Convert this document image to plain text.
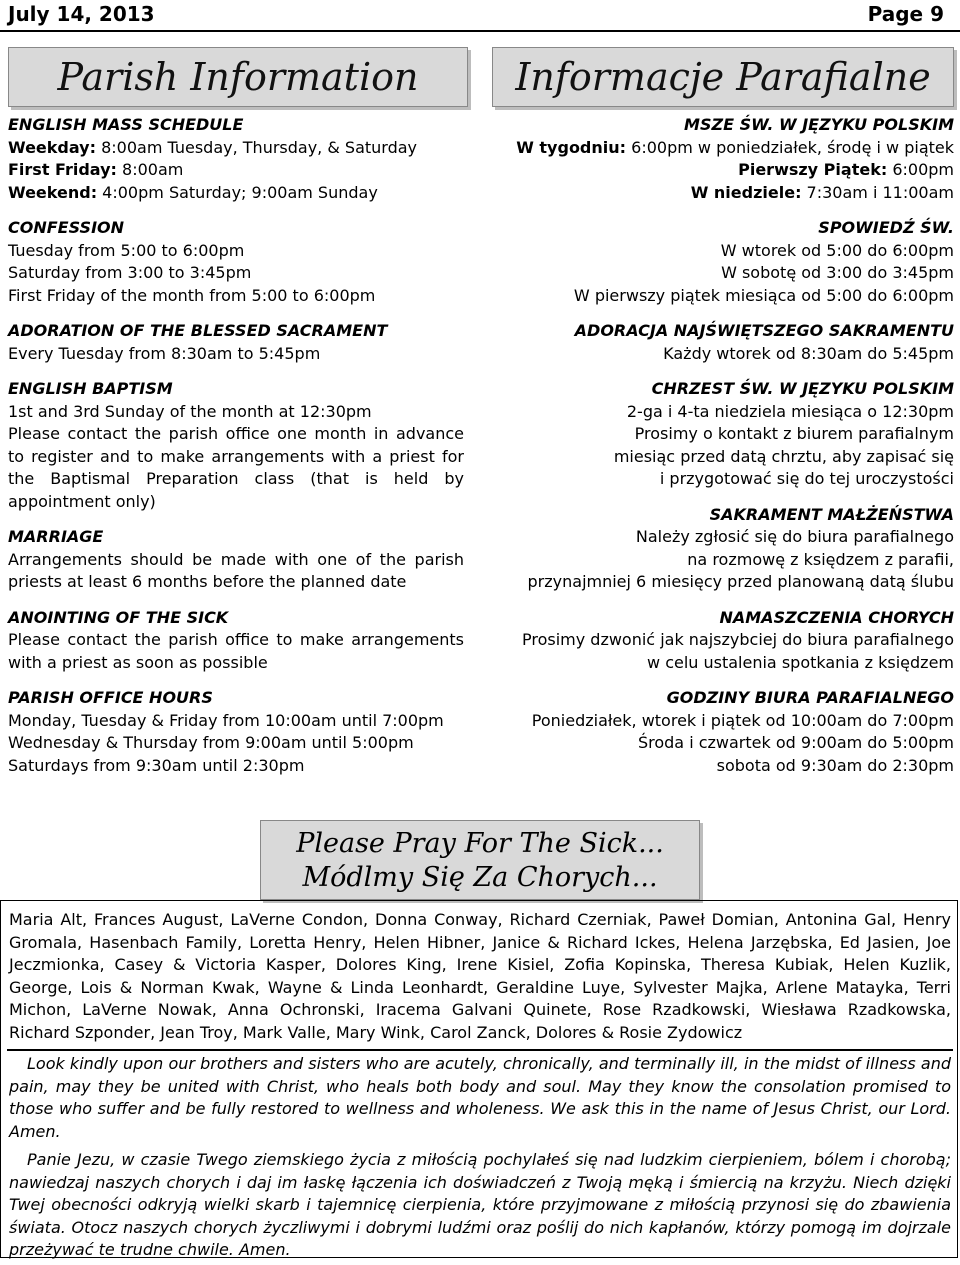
July 14, 2013	Page 9
Parish Information	Informacje Parafialne
ENGLISH MASS SCHEDULE
Weekday: 8:00am Tuesday, Thursday, & Saturday
First Friday: 8:00am
Weekend: 4:00pm Saturday; 9:00am Sunday
CONFESSION
Tuesday from 5:00 to 6:00pm
Saturday from 3:00 to 3:45pm
First Friday of the month from 5:00 to 6:00pm
ADORATION OF THE BLESSED SACRAMENT
Every Tuesday from 8:30am to 5:45pm
ENGLISH BAPTISM
1st and 3rd Sunday of the month at 12:30pm
Please contact the parish office one month in advance to register and to make arrangements with a priest for the Baptismal Preparation class (that is held by appointment only)
MARRIAGE
Arrangements should be made with one of the parish priests at least 6 months before the planned date
ANOINTING OF THE SICK
Please contact the parish office to make arrangements with a priest as soon as possible
PARISH OFFICE HOURS
Monday, Tuesday & Friday from 10:00am until 7:00pm
Wednesday & Thursday from 9:00am until 5:00pm
Saturdays from 9:30am until 2:30pm
MSZE ŚW. W JĘZYKU POLSKIM
W tygodniu: 6:00pm w poniedziałek, środę i w piątek
Pierwszy Piątek: 6:00pm
W niedziele: 7:30am i 11:00am
SPOWIEDŹ ŚW.
W wtorek od 5:00 do 6:00pm
W sobotę od 3:00 do 3:45pm
W pierwszy piątek miesiąca od 5:00 do 6:00pm
ADORACJA NAJŚWIĘTSZEGO SAKRAMENTU
Każdy wtorek od 8:30am do 5:45pm
CHRZEST ŚW. W JĘZYKU POLSKIM
2-ga i 4-ta niedziela miesiąca o 12:30pm
Prosimy o kontakt z biurem parafialnym
miesiąc przed datą chrztu, aby zapisać się
i przygotować się do tej uroczystości
SAKRAMENT MAŁŻEŃSTWA
Należy zgłosić się do biura parafialnego
na rozmowę z księdzem z parafii,
przynajmniej 6 miesięcy przed planowaną datą ślubu
NAMASZCZENIA CHORYCH
Prosimy dzwonić jak najszybciej do biura parafialnego
w celu ustalenia spotkania z księdzem
GODZINY BIURA PARAFIALNEGO
Poniedziałek, wtorek i piątek od 10:00am do 7:00pm
Środa i czwartek od 9:00am do 5:00pm
sobota od 9:30am do 2:30pm
Please Pray For The Sick...
Módlmy Się Za Chorych...
Maria Alt, Frances August, LaVerne Condon, Donna Conway, Richard Czerniak, Paweł Domian, Antonina Gal, Henry Gromala, Hasenbach Family, Loretta Henry, Helen Hibner, Janice & Richard Ickes, Helena Jarzębska, Ed Jasien, Joe Jeczmionka, Casey & Victoria Kasper, Dolores King, Irene Kisiel, Zofia Kopinska, Theresa Kubiak, Helen Kuzlik, George, Lois & Norman Kwak, Wayne & Linda Leonhardt, Geraldine Luye, Sylvester Majka, Arlene Matayka, Terri Michon, LaVerne Nowak, Anna Ochronski, Iracema Galvani Quinete, Rose Rzadkowski, Wiesława Rzadkowska, Richard Szponder, Jean Troy, Mark Valle, Mary Wink, Carol Zanck, Dolores & Rosie Zydowicz
Look kindly upon our brothers and sisters who are acutely, chronically, and terminally ill, in the midst of illness and pain, may they be united with Christ, who heals both body and soul. May they know the consolation promised to those who suffer and be fully restored to wellness and wholeness. We ask this in the name of Jesus Christ, our Lord. Amen.
Panie Jezu, w czasie Twego ziemskiego życia z miłością pochylałeś się nad ludzkim cierpieniem, bólem i chorobą; nawiedzaj naszych chorych i daj im łaskę łączenia ich doświadczeń z Twoją męką i śmiercią na krzyżu. Niech dzięki Twej obecności odkryją wielki skarb i tajemnicę cierpienia, które przyjmowane z miłością przynosi się do zbawienia świata. Otocz naszych chorych życzliwymi i dobrymi ludźmi oraz poślij do nich kapłanów, którzy pomogą im dojrzale przeżywać te trudne chwile. Amen.
